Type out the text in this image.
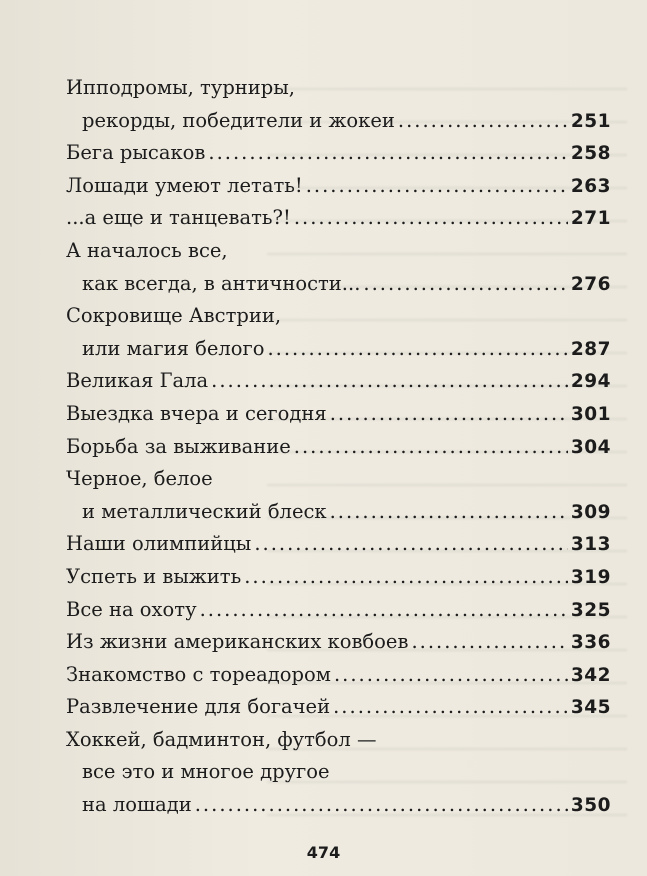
Ипподромы, турниры,
рекорды, победители и жокеи .....	251
Бега рысаков .....	258
Лошади умеют летать! .....	263
...а еще и танцевать?! .....	271
А началось все,
как всегда, в античности... .....	276
Сокровище Австрии,
или магия белого .....	287
Великая Гала .....	294
Выездка вчера и сегодня .....	301
Борьба за выживание .....	304
Черное, белое
и металлический блеск .....	309
Наши олимпийцы .....	313
Успеть и выжить .....	319
Все на охоту .....	325
Из жизни американских ковбоев .....	336
Знакомство с тореадором .....	342
Развлечение для богачей .....	345
Хоккей, бадминтон, футбол —
все это и многое другое
на лошади .....	350
474
